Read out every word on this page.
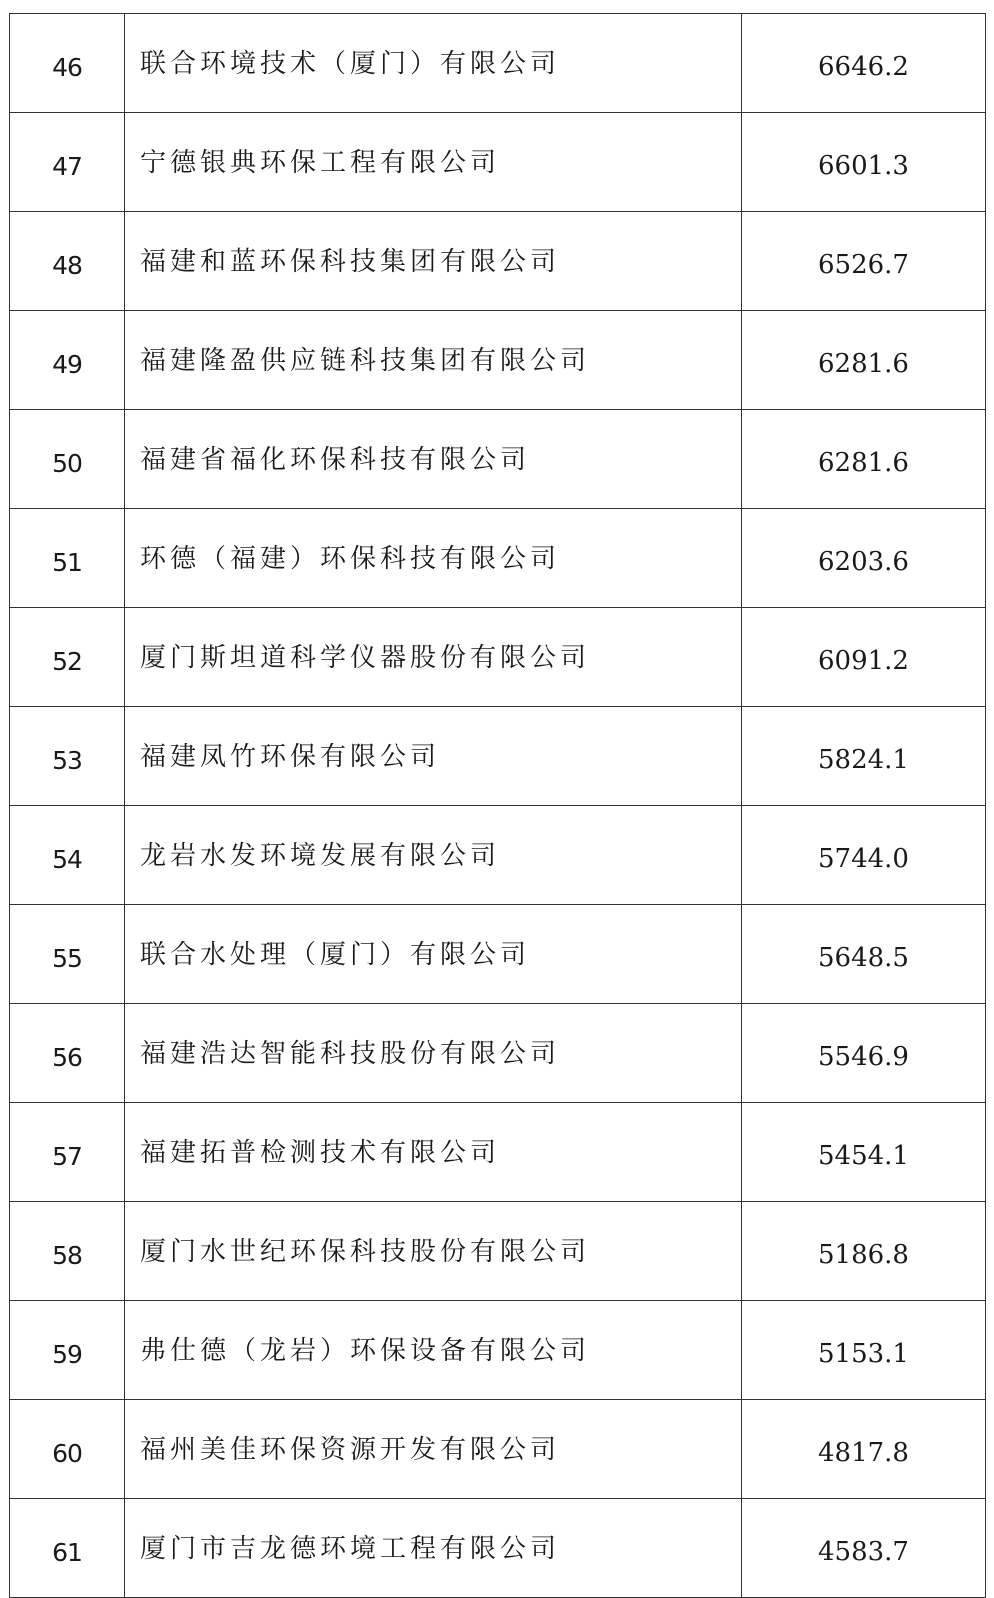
46	联合环境技术（厦门）有限公司	6646.2
47	宁德银典环保工程有限公司	6601.3
48	福建和蓝环保科技集团有限公司	6526.7
49	福建隆盈供应链科技集团有限公司	6281.6
50	福建省福化环保科技有限公司	6281.6
51	环德（福建）环保科技有限公司	6203.6
52	厦门斯坦道科学仪器股份有限公司	6091.2
53	福建凤竹环保有限公司	5824.1
54	龙岩水发环境发展有限公司	5744.0
55	联合水处理（厦门）有限公司	5648.5
56	福建浩达智能科技股份有限公司	5546.9
57	福建拓普检测技术有限公司	5454.1
58	厦门水世纪环保科技股份有限公司	5186.8
59	弗仕德（龙岩）环保设备有限公司	5153.1
60	福州美佳环保资源开发有限公司	4817.8
61	厦门市吉龙德环境工程有限公司	4583.7
